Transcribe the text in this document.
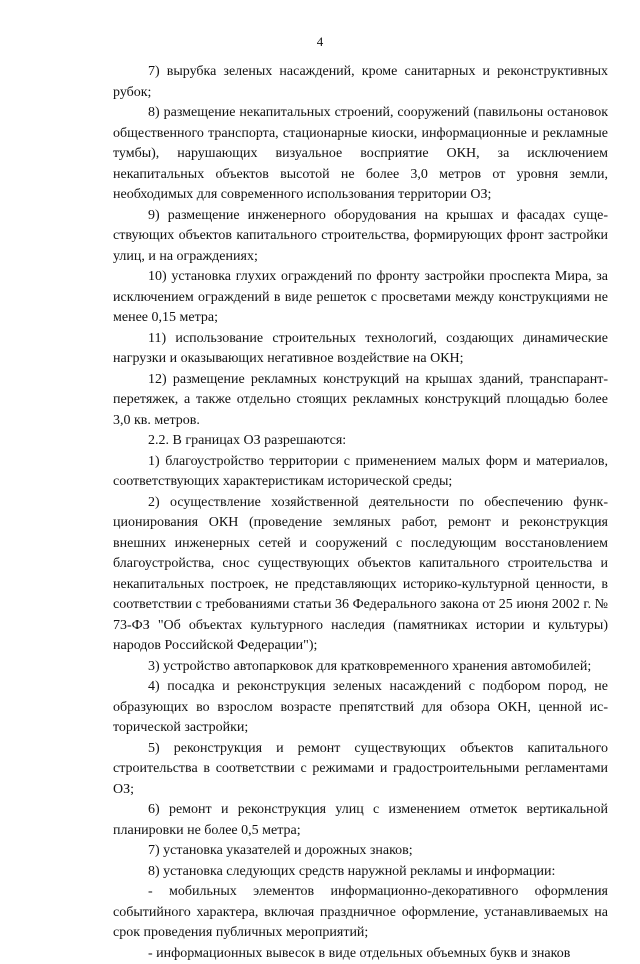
4

7) вырубка зеленых насаждений, кроме санитарных и реконструктивных рубок;

8) размещение некапитальных строений, сооружений (павильоны остановок общественного транспорта, стационарные киоски, информационные и рекламные тумбы), нарушающих визуальное восприятие ОКН, за исключением некапитальных объектов высотой не более 3,0 метров от уровня земли, необходимых для современного использования территории ОЗ;

9) размещение инженерного оборудования на крышах и фасадах существующих объектов капитального строительства, формирующих фронт застройки улиц, и на ограждениях;

10) установка глухих ограждений по фронту застройки проспекта Мира, за исключением ограждений в виде решеток с просветами между конструкциями не менее 0,15 метра;

11) использование строительных технологий, создающих динамические нагрузки и оказывающих негативное воздействие на ОКН;

12) размещение рекламных конструкций на крышах зданий, транспарант-перетяжек, а также отдельно стоящих рекламных конструкций площадью более 3,0 кв. метров.

2.2. В границах ОЗ разрешаются:

1) благоустройство территории с применением малых форм и материалов, соответствующих характеристикам исторической среды;

2) осуществление хозяйственной деятельности по обеспечению функционирования ОКН (проведение земляных работ, ремонт и реконструкция внешних инженерных сетей и сооружений с последующим восстановлением благоустройства, снос существующих объектов капитального строительства и некапитальных построек, не представляющих историко-культурной ценности, в соответствии с требованиями статьи 36 Федерального закона от 25 июня 2002 г. № 73-ФЗ "Об объектах культурного наследия (памятниках истории и культуры) народов Российской Федерации");

3) устройство автопарковок для кратковременного хранения автомобилей;

4) посадка и реконструкция зеленых насаждений с подбором пород, не образующих во взрослом возрасте препятствий для обзора ОКН, ценной исторической застройки;

5) реконструкция и ремонт существующих объектов капитального строительства в соответствии с режимами и градостроительными регламентами ОЗ;

6) ремонт и реконструкция улиц с изменением отметок вертикальной планировки не более 0,5 метра;

7) установка указателей и дорожных знаков;

8) установка следующих средств наружной рекламы и информации:

- мобильных элементов информационно-декоративного оформления событийного характера, включая праздничное оформление, устанавливаемых на срок проведения публичных мероприятий;

- информационных вывесок в виде отдельных объемных букв и знаков
